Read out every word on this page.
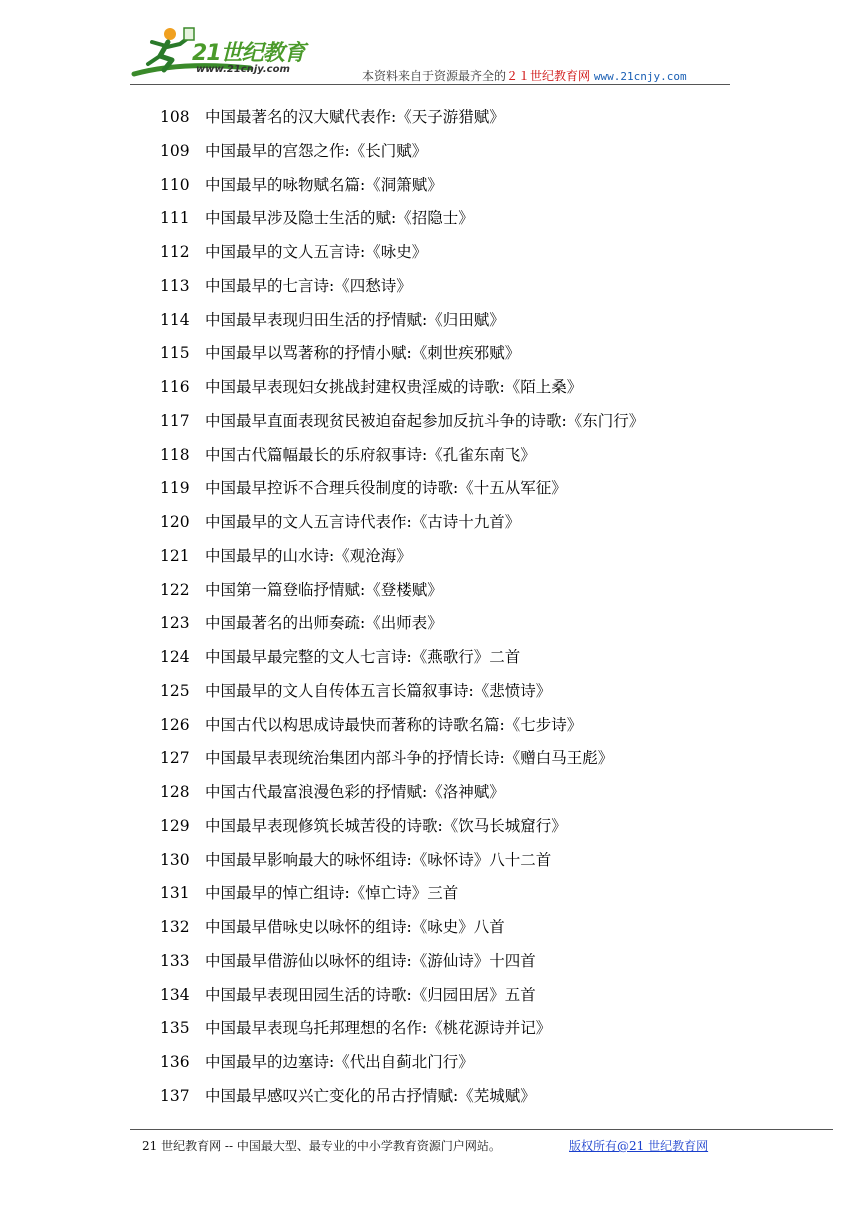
21世纪教育
www.21cnjy.com	本资料来自于资源最齐全的２１世纪教育网 www.21cnjy.com
108 中国最著名的汉大赋代表作:《天子游猎赋》
109 中国最早的宫怨之作:《长门赋》
110 中国最早的咏物赋名篇:《洞箫赋》
111 中国最早涉及隐士生活的赋:《招隐士》
112 中国最早的文人五言诗:《咏史》
113 中国最早的七言诗:《四愁诗》
114 中国最早表现归田生活的抒情赋:《归田赋》
115 中国最早以骂著称的抒情小赋:《刺世疾邪赋》
116 中国最早表现妇女挑战封建权贵淫威的诗歌:《陌上桑》
117 中国最早直面表现贫民被迫奋起参加反抗斗争的诗歌:《东门行》
118 中国古代篇幅最长的乐府叙事诗:《孔雀东南飞》
119 中国最早控诉不合理兵役制度的诗歌:《十五从军征》
120 中国最早的文人五言诗代表作:《古诗十九首》
121 中国最早的山水诗:《观沧海》
122 中国第一篇登临抒情赋:《登楼赋》
123 中国最著名的出师奏疏:《出师表》
124 中国最早最完整的文人七言诗:《燕歌行》二首
125 中国最早的文人自传体五言长篇叙事诗:《悲愤诗》
126 中国古代以构思成诗最快而著称的诗歌名篇:《七步诗》
127 中国最早表现统治集团内部斗争的抒情长诗:《赠白马王彪》
128 中国古代最富浪漫色彩的抒情赋:《洛神赋》
129 中国最早表现修筑长城苦役的诗歌:《饮马长城窟行》
130 中国最早影响最大的咏怀组诗:《咏怀诗》八十二首
131 中国最早的悼亡组诗:《悼亡诗》三首
132 中国最早借咏史以咏怀的组诗:《咏史》八首
133 中国最早借游仙以咏怀的组诗:《游仙诗》十四首
134 中国最早表现田园生活的诗歌:《归园田居》五首
135 中国最早表现乌托邦理想的名作:《桃花源诗并记》
136 中国最早的边塞诗:《代出自蓟北门行》
137 中国最早感叹兴亡变化的吊古抒情赋:《芜城赋》
21 世纪教育网 -- 中国最大型、最专业的中小学教育资源门户网站。	版权所有@21 世纪教育网
